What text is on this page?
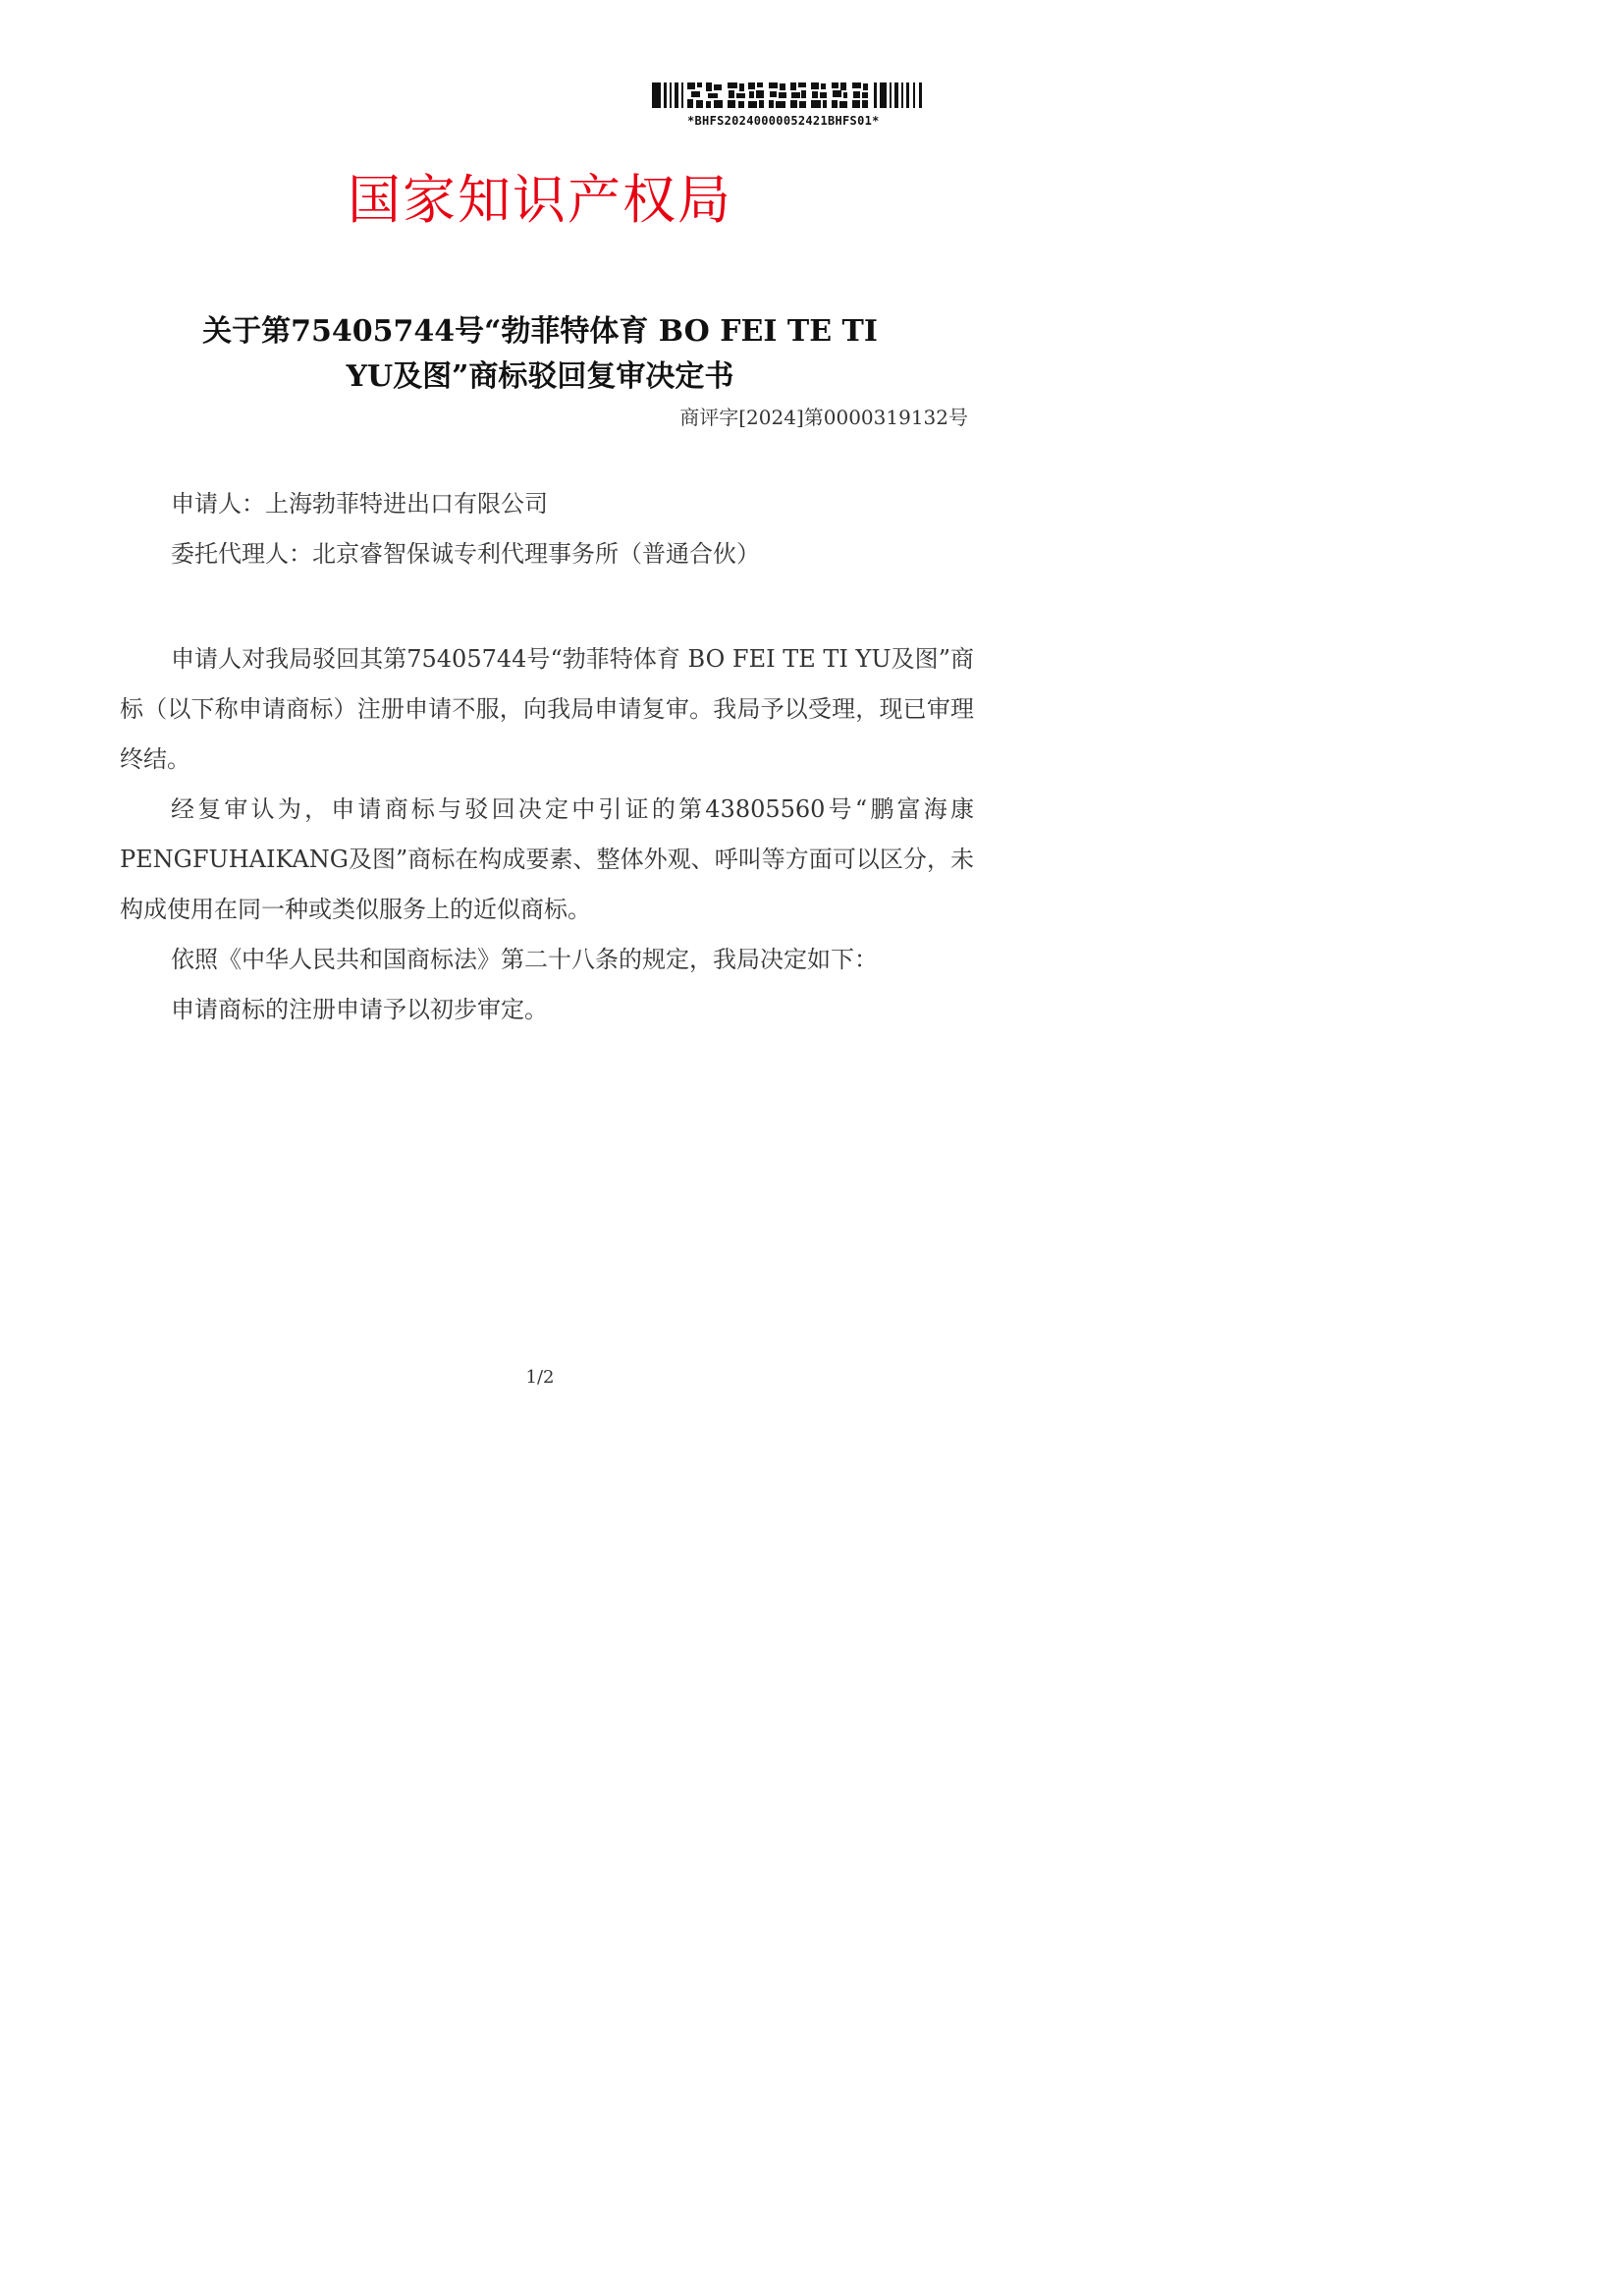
*BHFS20240000052421BHFS01*
国家知识产权局
关于第75405744号“勃菲特体育 BO FEI TE TI
YU及图”商标驳回复审决定书
商评字[2024]第0000319132号
申请人：上海勃菲特进出口有限公司
委托代理人：北京睿智保诚专利代理事务所（普通合伙）

申请人对我局驳回其第75405744号“勃菲特体育 BO FEI TE TI YU及图”商标（以下称申请商标）注册申请不服，向我局申请复审。我局予以受理，现已审理终结。

经复审认为，申请商标与驳回决定中引证的第43805560号“鹏富海康PENGFUHAIKANG及图”商标在构成要素、整体外观、呼叫等方面可以区分，未构成使用在同一种或类似服务上的近似商标。

依照《中华人民共和国商标法》第二十八条的规定，我局决定如下：

申请商标的注册申请予以初步审定。

1/2
